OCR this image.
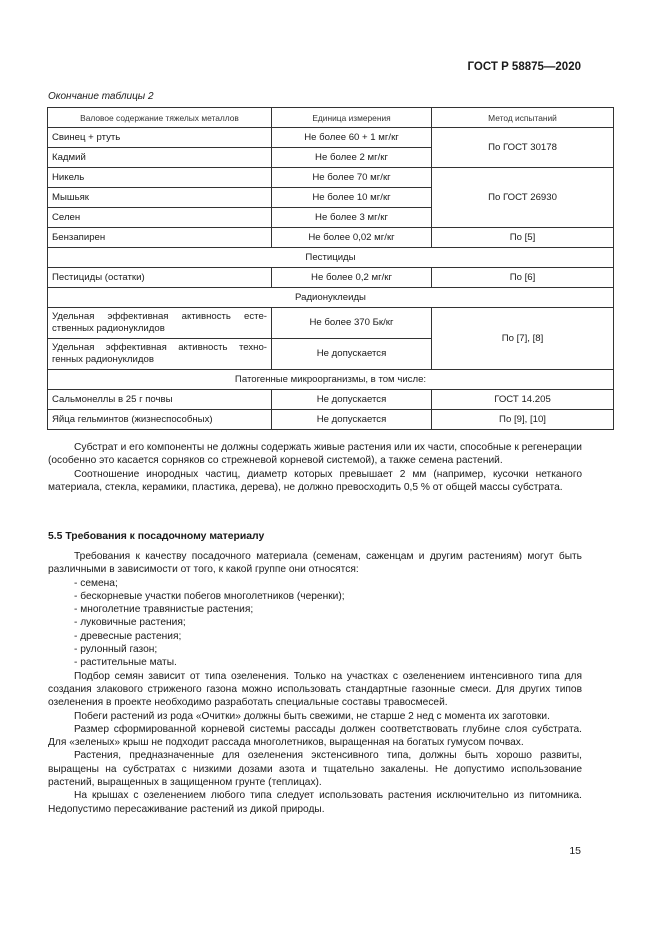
ГОСТ Р 58875—2020
Окончание таблицы 2
Валовое содержание тяжелых металлов	Единица измерения	Метод испытаний
Свинец + ртуть	Не более 60 + 1 мг/кг	По ГОСТ 30178
Кадмий	Не более 2 мг/кг	
Никель	Не более 70 мг/кг	По ГОСТ 26930
Мышьяк	Не более 10 мг/кг	
Селен	Не более 3 мг/кг	
Бензапирен	Не более 0,02 мг/кг	По [5]
Пестициды		
Пестициды (остатки)	Не более 0,2 мг/кг	По [6]
Радионуклеиды		

Удельная эффективная активность есте-
ственных радионуклидов	Не более 370 Бк/кг	По [7], [8]

Удельная эффективная активность техно-
генных радионуклидов	Не допускается	
Патогенные микроорганизмы, в том числе:		
Сальмонеллы в 25 г почвы	Не допускается	ГОСТ 14.205
Яйца гельминтов (жизнеспособных)	Не допускается	По [9], [10]

Субстрат и его компоненты не должны содержать живые растения или их части, способные к регенерации (особенно это касается сорняков со стрежневой корневой системой), а также семена растений.

Соотношение инородных частиц, диаметр которых превышает 2 мм (например, кусочки нетканого материала, стекла, керамики, пластика, дерева), не должно превосходить 0,5 % от общей массы субстрата.

5.5 Требования к посадочному материалу

Требования к качеству посадочного материала (семенам, саженцам и другим растениям) могут быть различными в зависимости от того, к какой группе они относятся:

- семена;
- бескорневые участки побегов многолетников (черенки);
- многолетние травянистые растения;
- луковичные растения;
- древесные растения;
- рулонный газон;
- растительные маты.

Подбор семян зависит от типа озеленения. Только на участках с озеленением интенсивного типа для создания злакового стриженого газона можно использовать стандартные газонные смеси. Для других типов озеленения в проекте необходимо разработать специальные составы травосмесей.

Побеги растений из рода «Очитки» должны быть свежими, не старше 2 нед с момента их заготовки.

Размер сформированной корневой системы рассады должен соответствовать глубине слоя субстрата. Для «зеленых» крыш не подходит рассада многолетников, выращенная на богатых гумусом почвах.

Растения, предназначенные для озеленения экстенсивного типа, должны быть хорошо развиты, выращены на субстратах с низкими дозами азота и тщательно закалены. Не допустимо использование растений, выращенных в защищенном грунте (теплицах).

На крышах с озеленением любого типа следует использовать растения исключительно из питомника. Недопустимо пересаживание растений из дикой природы.

15
